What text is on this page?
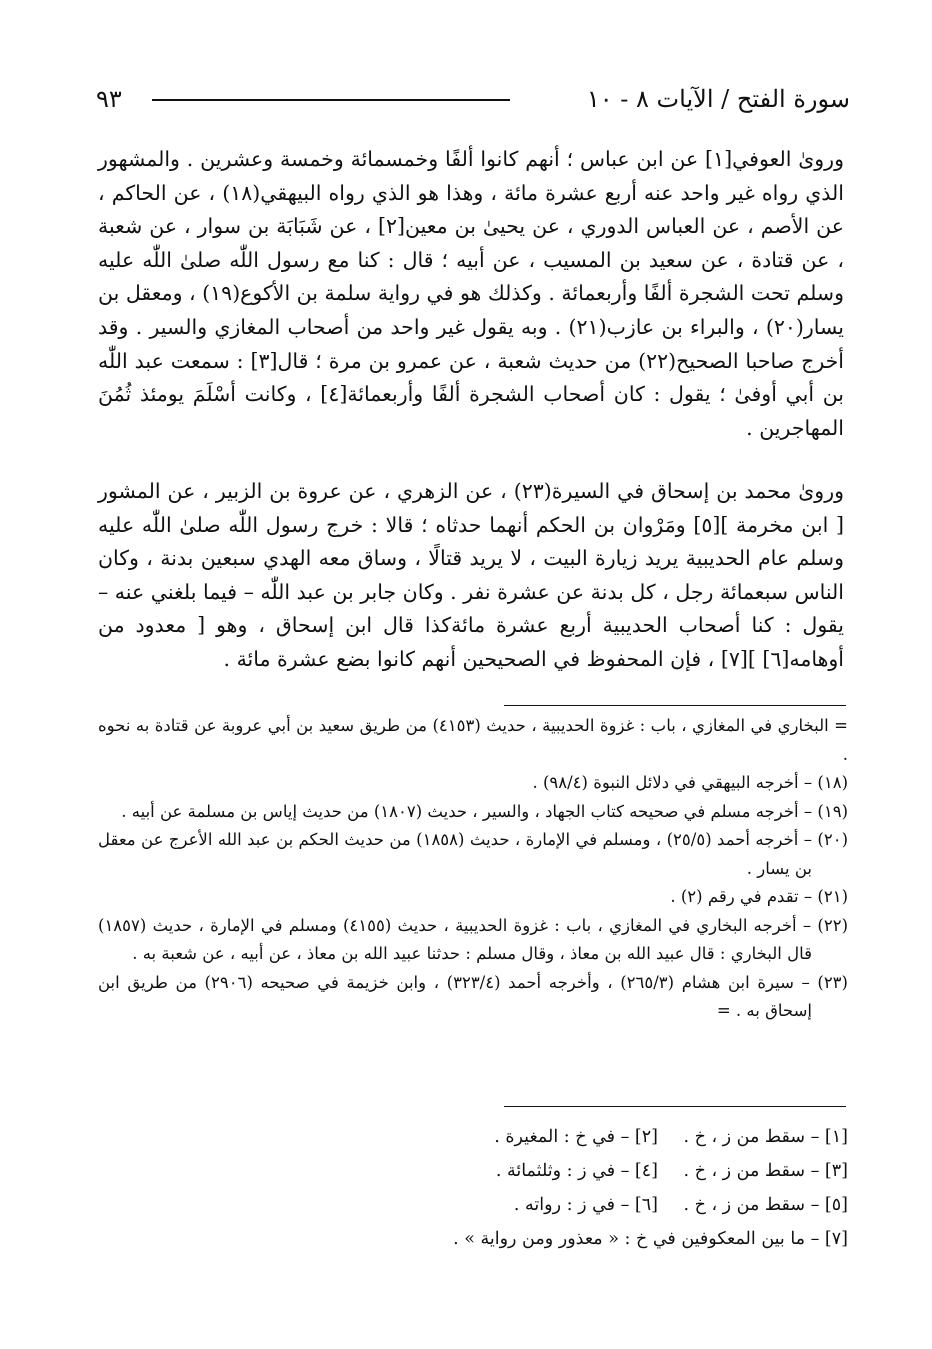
سورة الفتح / الآيات ٨ - ١٠
٩٣

وروىٰ العوفي[١] عن ابن عباس ؛ أنهم كانوا ألفًا وخمسمائة وخمسة وعشرين . والمشهور الذي رواه غير واحد عنه أربع عشرة مائة ، وهذا هو الذي رواه البيهقي(١٨) ، عن الحاكم ، عن الأصم ، عن العباس الدوري ، عن يحيىٰ بن معين[٢] ، عن شَبَابَة بن سوار ، عن شعبة ، عن قتادة ، عن سعيد بن المسيب ، عن أبيه ؛ قال : كنا مع رسول اللّٰه صلىٰ اللّٰه عليه وسلم تحت الشجرة ألفًا وأربعمائة . وكذلك هو في رواية سلمة بن الأكوع(١٩) ، ومعقل بن يسار(٢٠) ، والبراء بن عازب(٢١) . وبه يقول غير واحد من أصحاب المغازي والسير . وقد أخرج صاحبا الصحيح(٢٢) من حديث شعبة ، عن عمرو بن مرة ؛ قال[٣] : سمعت عبد اللّٰه بن أبي أوفىٰ ؛ يقول : كان أصحاب الشجرة ألفًا وأربعمائة[٤] ، وكانت أسْلَمَ يومئذ ثُمُنَ المهاجرين .

وروىٰ محمد بن إسحاق في السيرة(٢٣) ، عن الزهري ، عن عروة بن الزبير ، عن المشور [ ابن مخرمة ][٥] ومَرْوان بن الحكم أنهما حدثاه ؛ قالا : خرج رسول اللّٰه صلىٰ اللّٰه عليه وسلم عام الحديبية يريد زيارة البيت ، لا يريد قتالًا ، وساق معه الهدي سبعين بدنة ، وكان الناس سبعمائة رجل ، كل بدنة عن عشرة نفر . وكان جابر بن عبد اللّٰه – فيما بلغني عنه – يقول : كنا أصحاب الحديبية أربع عشرة مائةكذا قال ابن إسحاق ، وهو [ معدود من أوهامه[٦] ][٧] ، فإن المحفوظ في الصحيحين أنهم كانوا بضع عشرة مائة .

= البخاري في المغازي ، باب : غزوة الحديبية ، حديث (٤١٥٣) من طريق سعيد بن أبي عروبة عن قتادة به نحوه .

(١٨) – أخرجه البيهقي في دلائل النبوة (٩٨/٤) .

(١٩) – أخرجه مسلم في صحيحه كتاب الجهاد ، والسير ، حديث (١٨٠٧) من حديث إياس بن مسلمة عن أبيه .

(٢٠) – أخرجه أحمد (٢٥/٥) ، ومسلم في الإمارة ، حديث (١٨٥٨) من حديث الحكم بن عبد الله الأعرج عن معقل بن يسار .

(٢١) – تقدم في رقم (٢) .

(٢٢) – أخرجه البخاري في المغازي ، باب : غزوة الحديبية ، حديث (٤١٥٥) ومسلم في الإمارة ، حديث (١٨٥٧) قال البخاري : قال عبيد الله بن معاذ ، وقال مسلم : حدثنا عبيد الله بن معاذ ، عن أبيه ، عن شعبة به .

(٢٣) – سيرة ابن هشام (٢٦٥/٣) ، وأخرجه أحمد (٣٢٣/٤) ، وابن خزيمة في صحيحه (٢٩٠٦) من طريق ابن إسحاق به . =

[١] – سقط من ز ، خ .
[٢] – في خ : المغيرة .
[٣] – سقط من ز ، خ .
[٤] – في ز : وثلثمائة .
[٥] – سقط من ز ، خ .
[٦] – في ز : رواته .
[٧] – ما بين المعكوفين في خ : « معذور ومن رواية » .
